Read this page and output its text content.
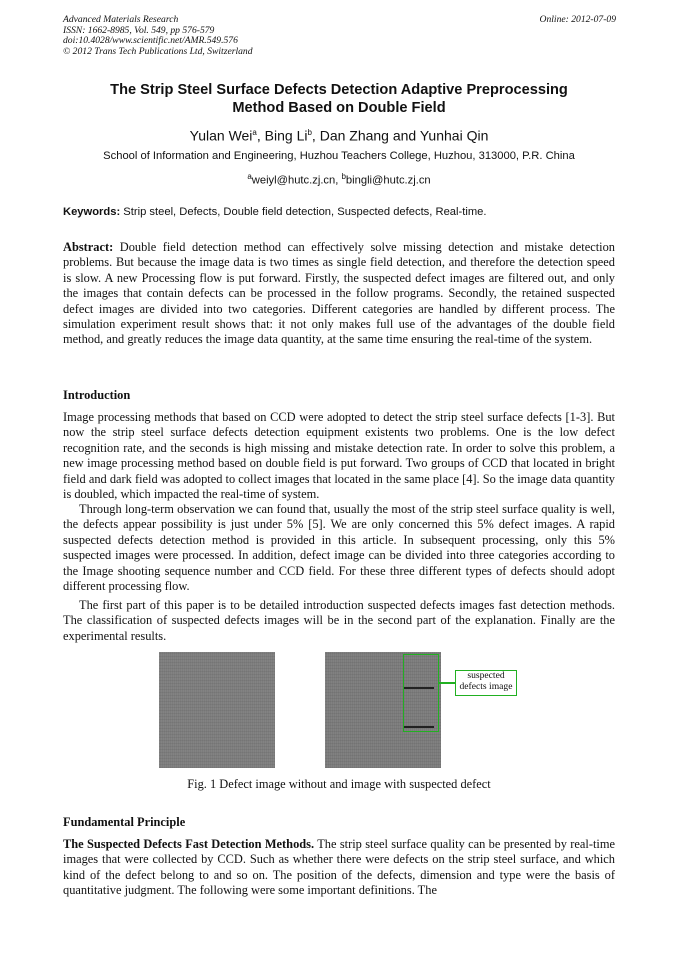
Advanced Materials Research
ISSN: 1662-8985, Vol. 549, pp 576-579
doi:10.4028/www.scientific.net/AMR.549.576
© 2012 Trans Tech Publications Ltd, Switzerland
Online: 2012-07-09
The Strip Steel Surface Defects Detection Adaptive Preprocessing
Method Based on Double Field
Yulan Wei$^a$, Bing Li$^b$, Dan Zhang and Yunhai Qin
School of Information and Engineering, Huzhou Teachers College, Huzhou, 313000, P.R. China
$^a$weiyl@hutc.zj.cn, $^b$bingli@hutc.zj.cn
Keywords: Strip steel, Defects, Double field detection, Suspected defects, Real-time.

Abstract: Double field detection method can effectively solve missing detection and mistake detection problems. But because the image data is two times as single field detection, and therefore the detection speed is slow. A new Processing flow is put forward. Firstly, the suspected defect images are filtered out, and only the images that contain defects can be processed in the follow programs. Secondly, the retained suspected defect images are divided into two categories. Different categories are handled by different process. The simulation experiment result shows that: it not only makes full use of the advantages of the double field method, and greatly reduces the image data quantity, at the same time ensuring the real-time of the system.

Introduction

Image processing methods that based on CCD were adopted to detect the strip steel surface defects [1-3]. But now the strip steel surface defects detection equipment existents two problems. One is the low defect recognition rate, and the seconds is high missing and mistake detection rate. In order to solve this problem, a new image processing method based on double field is put forward. Two groups of CCD that located in bright field and dark field was adopted to collect images that located in the same place [4]. So the image data quantity is doubled, which impacted the real-time of system.

Through long-term observation we can found that, usually the most of the strip steel surface quality is well, the defects appear possibility is just under 5% [5]. We are only concerned this 5% defect images. A rapid suspected defects detection method is provided in this article. In subsequent processing, only this 5% suspected images were processed. In addition, defect image can be divided into three categories according to the Image shooting sequence number and CCD field. For these three different types of defects should adopt different processing flow.

The first part of this paper is to be detailed introduction suspected defects images fast detection methods. The classification of suspected defects images will be in the second part of the explanation. Finally are the experimental results.

suspected
defects image
Fig. 1 Defect image without and image with suspected defect
Fundamental Principle

The Suspected Defects Fast Detection Methods. The strip steel surface quality can be presented by real-time images that were collected by CCD. Such as whether there were defects on the strip steel surface, and which kind of the defect belong to and so on. The position of the defects, dimension and type were the basis of quantitative judgment. The following were some important definitions. The
